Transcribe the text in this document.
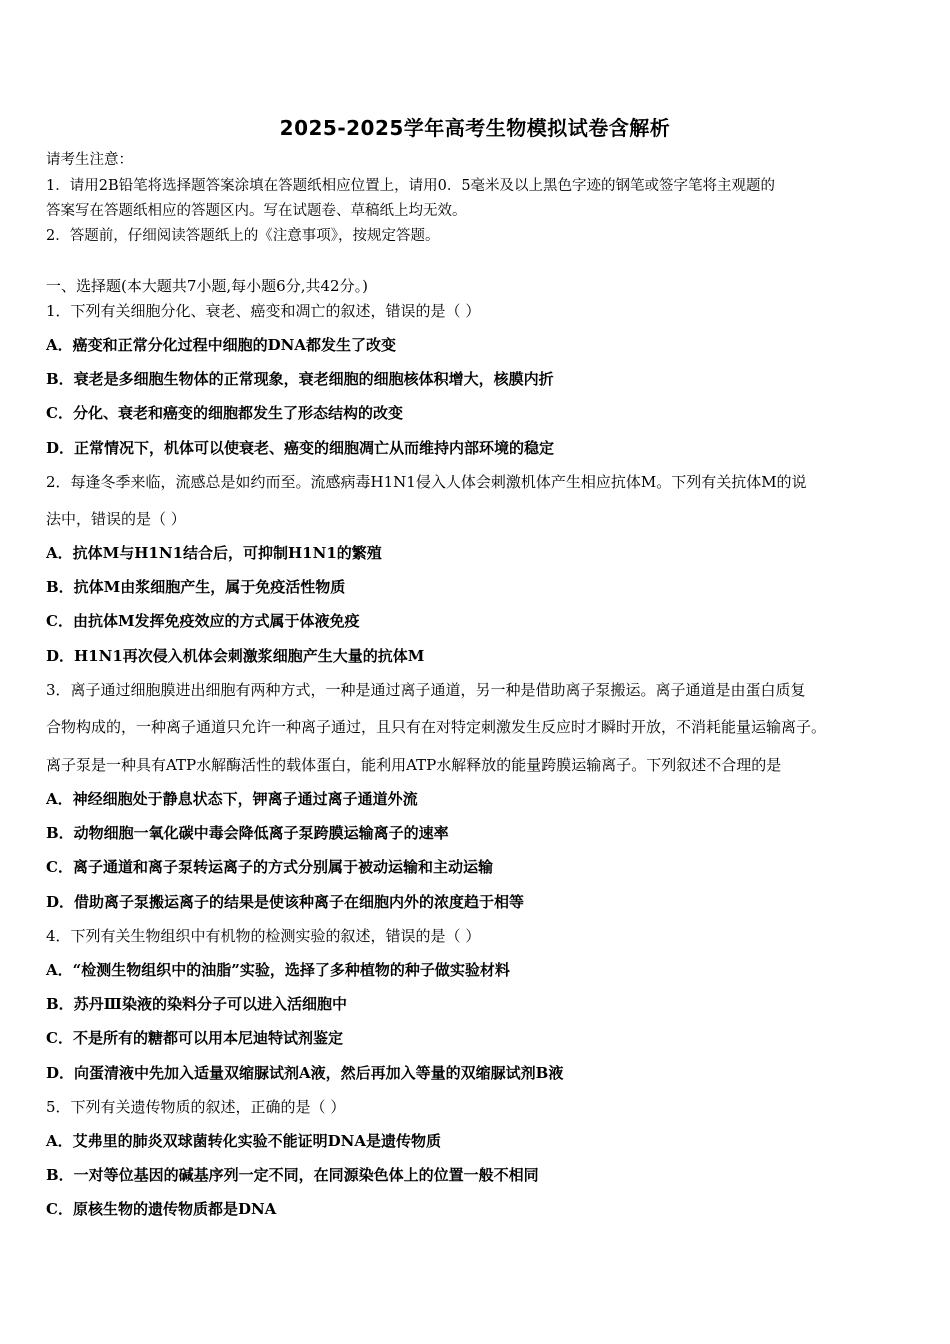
2025-2025学年高考生物模拟试卷含解析
请考生注意：
1．请用2B铅笔将选择题答案涂填在答题纸相应位置上，请用0．5毫米及以上黑色字迹的钢笔或签字笔将主观题的
答案写在答题纸相应的答题区内。写在试题卷、草稿纸上均无效。
2．答题前，仔细阅读答题纸上的《注意事项》，按规定答题。
一、选择题(本大题共7小题,每小题6分,共42分。)
1．下列有关细胞分化、衰老、癌变和凋亡的叙述，错误的是（ ）
A．癌变和正常分化过程中细胞的DNA都发生了改变
B．衰老是多细胞生物体的正常现象，衰老细胞的细胞核体积增大，核膜内折
C．分化、衰老和癌变的细胞都发生了形态结构的改变
D．正常情况下，机体可以使衰老、癌变的细胞凋亡从而维持内部环境的稳定
2．每逢冬季来临，流感总是如约而至。流感病毒H1N1侵入人体会刺激机体产生相应抗体M。下列有关抗体M的说
法中，错误的是（ ）
A．抗体M与H1N1结合后，可抑制H1N1的繁殖
B．抗体M由浆细胞产生，属于免疫活性物质
C．由抗体M发挥免疫效应的方式属于体液免疫
D．H1N1再次侵入机体会刺激浆细胞产生大量的抗体M
3．离子通过细胞膜进出细胞有两种方式，一种是通过离子通道，另一种是借助离子泵搬运。离子通道是由蛋白质复
合物构成的，一种离子通道只允许一种离子通过，且只有在对特定刺激发生反应时才瞬时开放，不消耗能量运输离子。
离子泵是一种具有ATP水解酶活性的载体蛋白，能利用ATP水解释放的能量跨膜运输离子。下列叙述不合理的是
A．神经细胞处于静息状态下，钾离子通过离子通道外流
B．动物细胞一氧化碳中毒会降低离子泵跨膜运输离子的速率
C．离子通道和离子泵转运离子的方式分别属于被动运输和主动运输
D．借助离子泵搬运离子的结果是使该种离子在细胞内外的浓度趋于相等
4．下列有关生物组织中有机物的检测实验的叙述，错误的是（ ）
A．“检测生物组织中的油脂”实验，选择了多种植物的种子做实验材料
B．苏丹Ⅲ染液的染料分子可以进入活细胞中
C．不是所有的糖都可以用本尼迪特试剂鉴定
D．向蛋清液中先加入适量双缩脲试剂A液，然后再加入等量的双缩脲试剂B液
5．下列有关遗传物质的叙述，正确的是（ ）
A．艾弗里的肺炎双球菌转化实验不能证明DNA是遗传物质
B．一对等位基因的碱基序列一定不同，在同源染色体上的位置一般不相同
C．原核生物的遗传物质都是DNA
